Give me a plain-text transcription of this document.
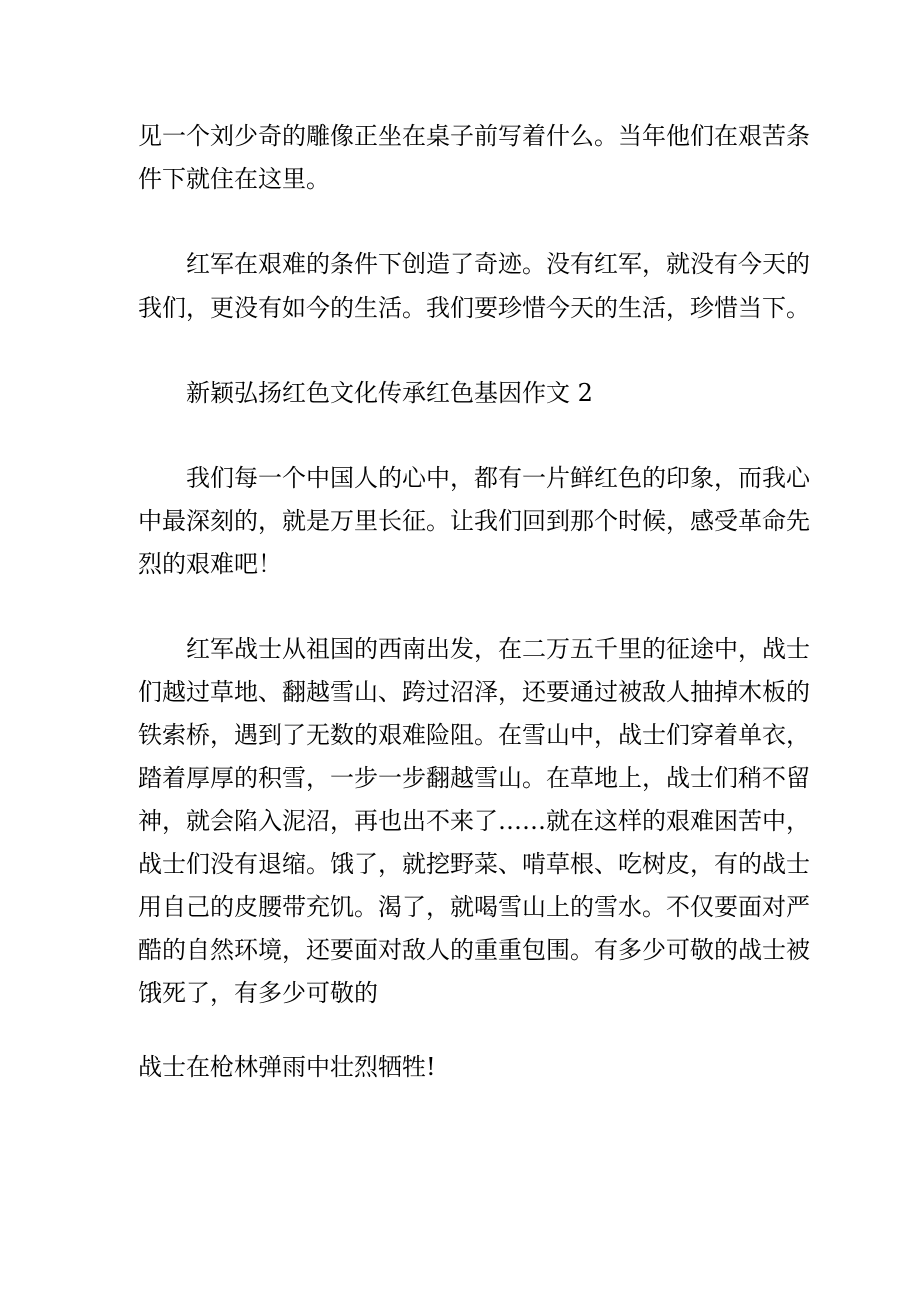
见一个刘少奇的雕像正坐在桌子前写着什么。当年他们在艰苦条
件下就住在这里。
红军在艰难的条件下创造了奇迹。没有红军，就没有今天的
我们，更没有如今的生活。我们要珍惜今天的生活，珍惜当下。
新颖弘扬红色文化传承红色基因作文 2
我们每一个中国人的心中，都有一片鲜红色的印象，而我心
中最深刻的，就是万里长征。让我们回到那个时候，感受革命先
烈的艰难吧！
红军战士从祖国的西南出发，在二万五千里的征途中，战士
们越过草地、翻越雪山、跨过沼泽，还要通过被敌人抽掉木板的
铁索桥，遇到了无数的艰难险阻。在雪山中，战士们穿着单衣，
踏着厚厚的积雪，一步一步翻越雪山。在草地上，战士们稍不留
神，就会陷入泥沼，再也出不来了……就在这样的艰难困苦中，
战士们没有退缩。饿了，就挖野菜、啃草根、吃树皮，有的战士
用自己的皮腰带充饥。渴了，就喝雪山上的雪水。不仅要面对严
酷的自然环境，还要面对敌人的重重包围。有多少可敬的战士被
饿死了，有多少可敬的
战士在枪林弹雨中壮烈牺牲!
